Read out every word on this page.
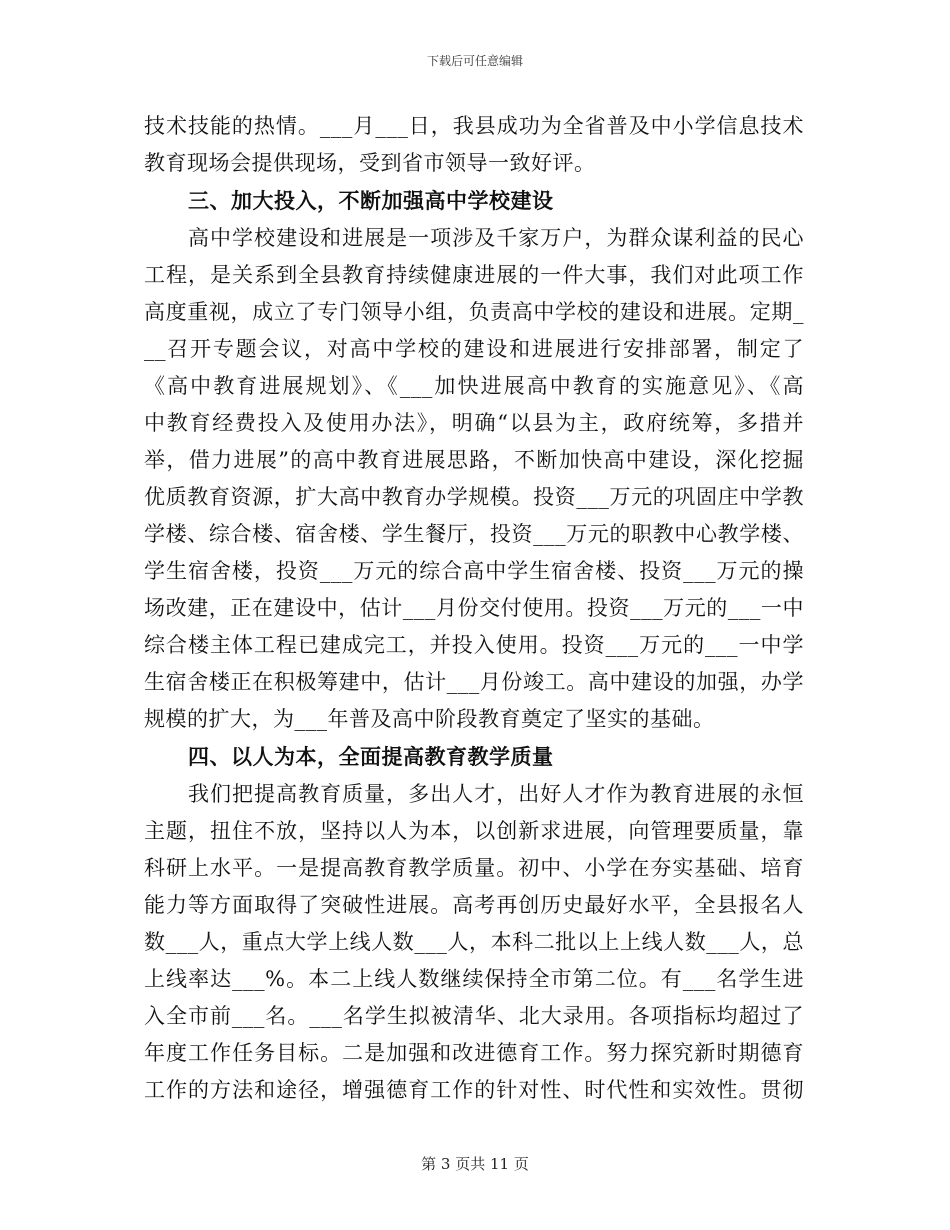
下载后可任意编辑
技术技能的热情。___月___日，我县成功为全省普及中小学信息技术
教育现场会提供现场，受到省市领导一致好评。
三、加大投入，不断加强高中学校建设
高中学校建设和进展是一项涉及千家万户，为群众谋利益的民心
工程，是关系到全县教育持续健康进展的一件大事，我们对此项工作
高度重视，成立了专门领导小组，负责高中学校的建设和进展。定期_
__召开专题会议，对高中学校的建设和进展进行安排部署，制定了
《高中教育进展规划》、《___加快进展高中教育的实施意见》、《高
中教育经费投入及使用办法》，明确“以县为主，政府统筹，多措并
举，借力进展”的高中教育进展思路，不断加快高中建设，深化挖掘
优质教育资源，扩大高中教育办学规模。投资___万元的巩固庄中学教
学楼、综合楼、宿舍楼、学生餐厅，投资___万元的职教中心教学楼、
学生宿舍楼，投资___万元的综合高中学生宿舍楼、投资___万元的操
场改建，正在建设中，估计___月份交付使用。投资___万元的___一中
综合楼主体工程已建成完工，并投入使用。投资___万元的___一中学
生宿舍楼正在积极筹建中，估计___月份竣工。高中建设的加强，办学
规模的扩大，为___年普及高中阶段教育奠定了坚实的基础。
四、以人为本，全面提高教育教学质量
我们把提高教育质量，多出人才，出好人才作为教育进展的永恒
主题，扭住不放，坚持以人为本，以创新求进展，向管理要质量，靠
科研上水平。一是提高教育教学质量。初中、小学在夯实基础、培育
能力等方面取得了突破性进展。高考再创历史最好水平，全县报名人
数___人，重点大学上线人数___人，本科二批以上上线人数___人，总
上线率达___%。本二上线人数继续保持全市第二位。有___名学生进
入全市前___名。___名学生拟被清华、北大录用。各项指标均超过了
年度工作任务目标。二是加强和改进德育工作。努力探究新时期德育
工作的方法和途径，增强德育工作的针对性、时代性和实效性。贯彻
第 3 页共 11 页
